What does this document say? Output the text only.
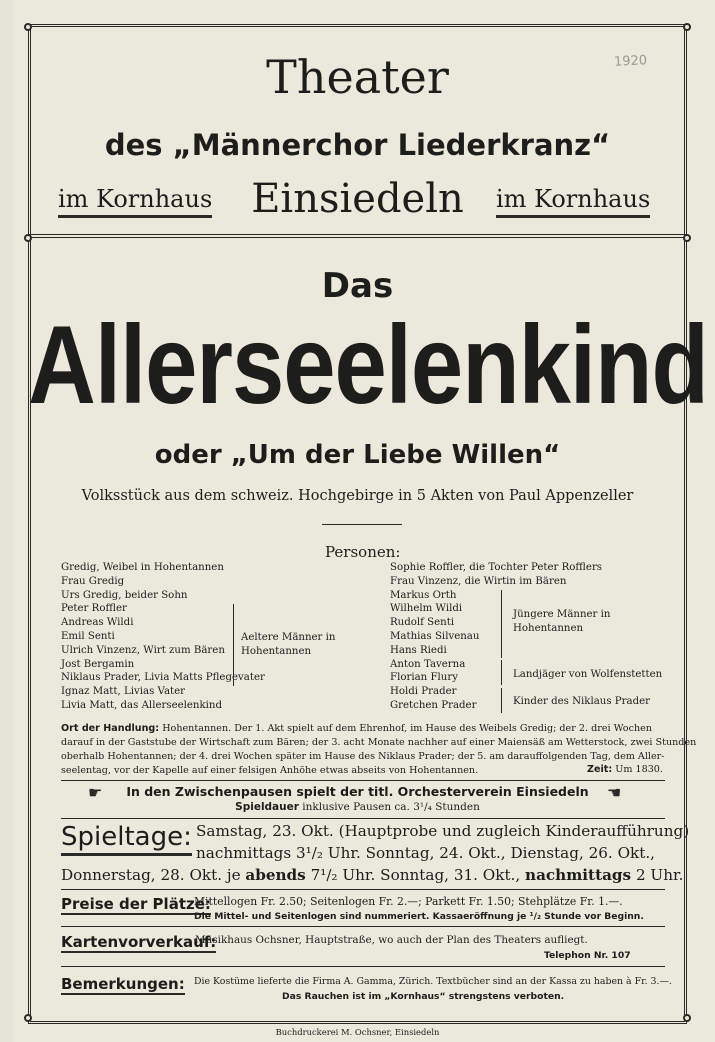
1920
Theater
des „Männerchor Liederkranz“
im Kornhaus Einsiedeln	im Kornhaus
Das
Allerseelenkind
oder „Um der Liebe Willen“
Volksstück aus dem schweiz. Hochgebirge in 5 Akten von Paul Appenzeller
Personen:
Gredig, Weibel in Hohentannen
Frau Gredig
Urs Gredig, beider Sohn
Peter Roffler
Andreas Wildi
Emil Senti
Ulrich Vinzenz, Wirt zum Bären
Jost Bergamin
Niklaus Prader, Livia Matts Pflegevater
Ignaz Matt, Livias Vater
Livia Matt, das Allerseelenkind
Aeltere Männer in Hohentannen
Sophie Roffler, die Tochter Peter Rofflers
Frau Vinzenz, die Wirtin im Bären
Markus Orth
Wilhelm Wildi
Rudolf Senti
Mathias Silvenau
Hans Riedi
Anton Taverna
Florian Flury
Holdi Prader
Gretchen Prader
Jüngere Männer in Hohentannen
Landjäger von Wolfenstetten
Kinder des Niklaus Prader
Ort der Handlung: Hohentannen. Der 1. Akt spielt auf dem Ehrenhof, im Hause des Weibels Gredig; der 2. drei Wochen
darauf in der Gaststube der Wirtschaft zum Bären; der 3. acht Monate nachher auf einer Maiensäß am Wetterstock, zwei Stunden
oberhalb Hohentannen; der 4. drei Wochen später im Hause des Niklaus Prader; der 5. am darauffolgenden Tag, dem Aller-
seelentag, vor der Kapelle auf einer felsigen Anhöhe etwas abseits von Hohentannen.	Zeit: Um 1830.
☛	In den Zwischenpausen spielt der titl. Orchesterverein Einsiedeln	☚
Spieldauer inklusive Pausen ca. 3¹/₄ Stunden
Spieltage: Samstag, 23. Okt. (Hauptprobe und zugleich Kinderaufführung)
nachmittags 3¹/₂ Uhr. Sonntag, 24. Okt., Dienstag, 26. Okt.,
Donnerstag, 28. Okt. je abends 7¹/₂ Uhr. Sonntag, 31. Okt., nachmittags 2 Uhr.
Preise der Plätze:
Mittellogen Fr. 2.50; Seitenlogen Fr. 2.—; Parkett Fr. 1.50; Stehplätze Fr. 1.—.
Die Mittel- und Seitenlogen sind nummeriert. Kassaeröffnung je ¹/₂ Stunde vor Beginn.
Kartenvorverkauf:
Musikhaus Ochsner, Hauptstraße, wo auch der Plan des Theaters aufliegt.
Telephon Nr. 107
Bemerkungen: Die Kostüme lieferte die Firma A. Gamma, Zürich. Textbücher sind an der Kassa zu haben à Fr. 3.—.
Das Rauchen ist im „Kornhaus“ strengstens verboten.
Buchdruckerei M. Ochsner, Einsiedeln
